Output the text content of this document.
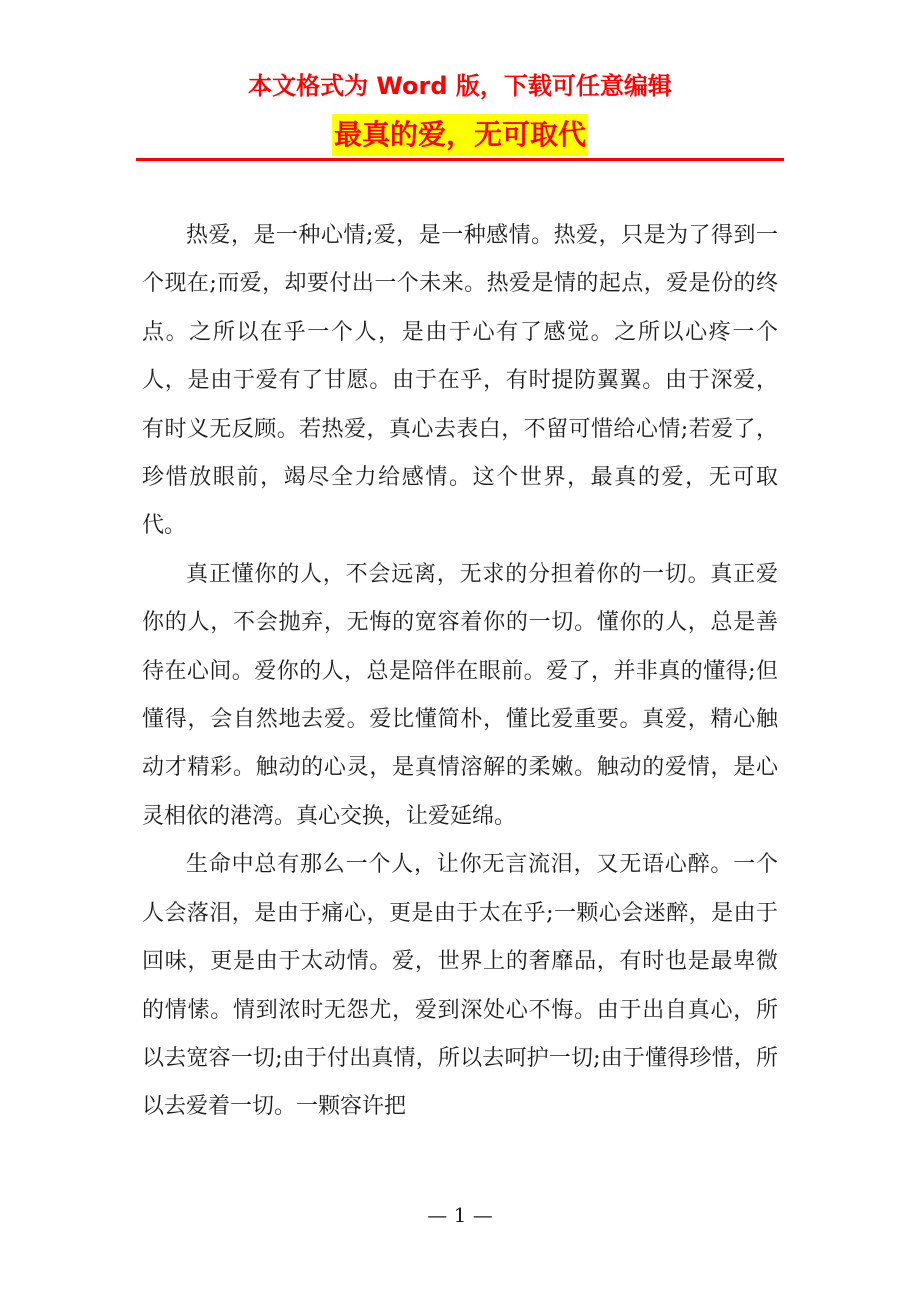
本文格式为 Word 版，下载可任意编辑
最真的爱，无可取代

热爱，是一种心情;爱，是一种感情。热爱，只是为了得到一个现在;而爱，却要付出一个未来。热爱是情的起点，爱是份的终点。之所以在乎一个人，是由于心有了感觉。之所以心疼一个人，是由于爱有了甘愿。由于在乎，有时提防翼翼。由于深爱，有时义无反顾。若热爱，真心去表白，不留可惜给心情;若爱了，珍惜放眼前，竭尽全力给感情。这个世界，最真的爱，无可取代。

真正懂你的人，不会远离，无求的分担着你的一切。真正爱你的人，不会抛弃，无悔的宽容着你的一切。懂你的人，总是善待在心间。爱你的人，总是陪伴在眼前。爱了，并非真的懂得;但懂得，会自然地去爱。爱比懂简朴，懂比爱重要。真爱，精心触动才精彩。触动的心灵，是真情溶解的柔嫩。触动的爱情，是心灵相依的港湾。真心交换，让爱延绵。

生命中总有那么一个人，让你无言流泪，又无语心醉。一个人会落泪，是由于痛心，更是由于太在乎;一颗心会迷醉，是由于回味，更是由于太动情。爱，世界上的奢靡品，有时也是最卑微的情愫。情到浓时无怨尤，爱到深处心不悔。由于出自真心，所以去宽容一切;由于付出真情，所以去呵护一切;由于懂得珍惜，所以去爱着一切。一颗容许把

— 1 —
